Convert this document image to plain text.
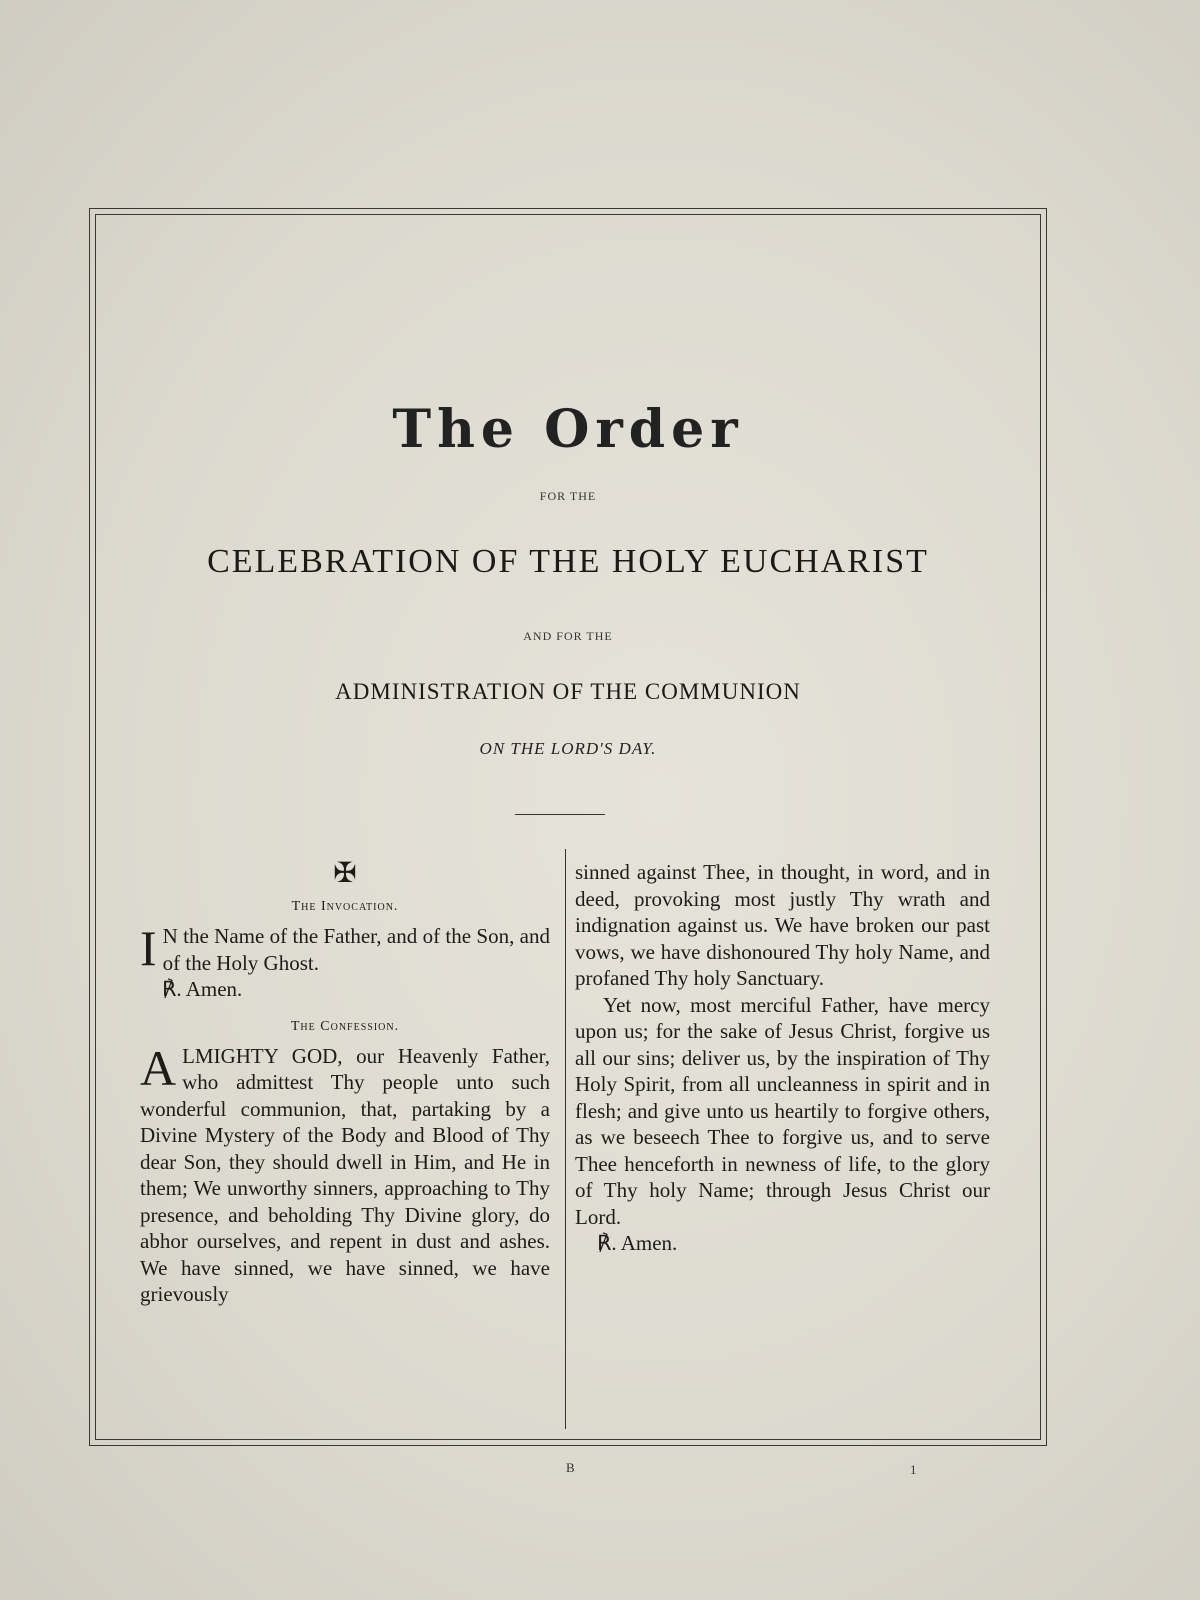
The Order
FOR THE
CELEBRATION OF THE HOLY EUCHARIST
AND FOR THE
ADMINISTRATION OF THE COMMUNION
ON THE LORD'S DAY.
✠
The Invocation.

I N the Name of the Father, and of the Son, and of the Holy Ghost.

℟. Amen.

The Confession.

ALMIGHTY GOD, our Heavenly Father, who admittest Thy people unto such wonderful communion, that, partaking by a Divine Mystery of the Body and Blood of Thy dear Son, they should dwell in Him, and He in them; We unworthy sinners, approaching to Thy presence, and beholding Thy Divine glory, do abhor ourselves, and repent in dust and ashes. We have sinned, we have sinned, we have grievously

sinned against Thee, in thought, in word, and in deed, provoking most justly Thy wrath and indignation against us. We have broken our past vows, we have dishonoured Thy holy Name, and profaned Thy holy Sanctuary.

Yet now, most merciful Father, have mercy upon us; for the sake of Jesus Christ, forgive us all our sins; deliver us, by the inspiration of Thy Holy Spirit, from all uncleanness in spirit and in flesh; and give unto us heartily to forgive others, as we beseech Thee to forgive us, and to serve Thee henceforth in newness of life, to the glory of Thy holy Name; through Jesus Christ our Lord.

℟. Amen.

B	1
